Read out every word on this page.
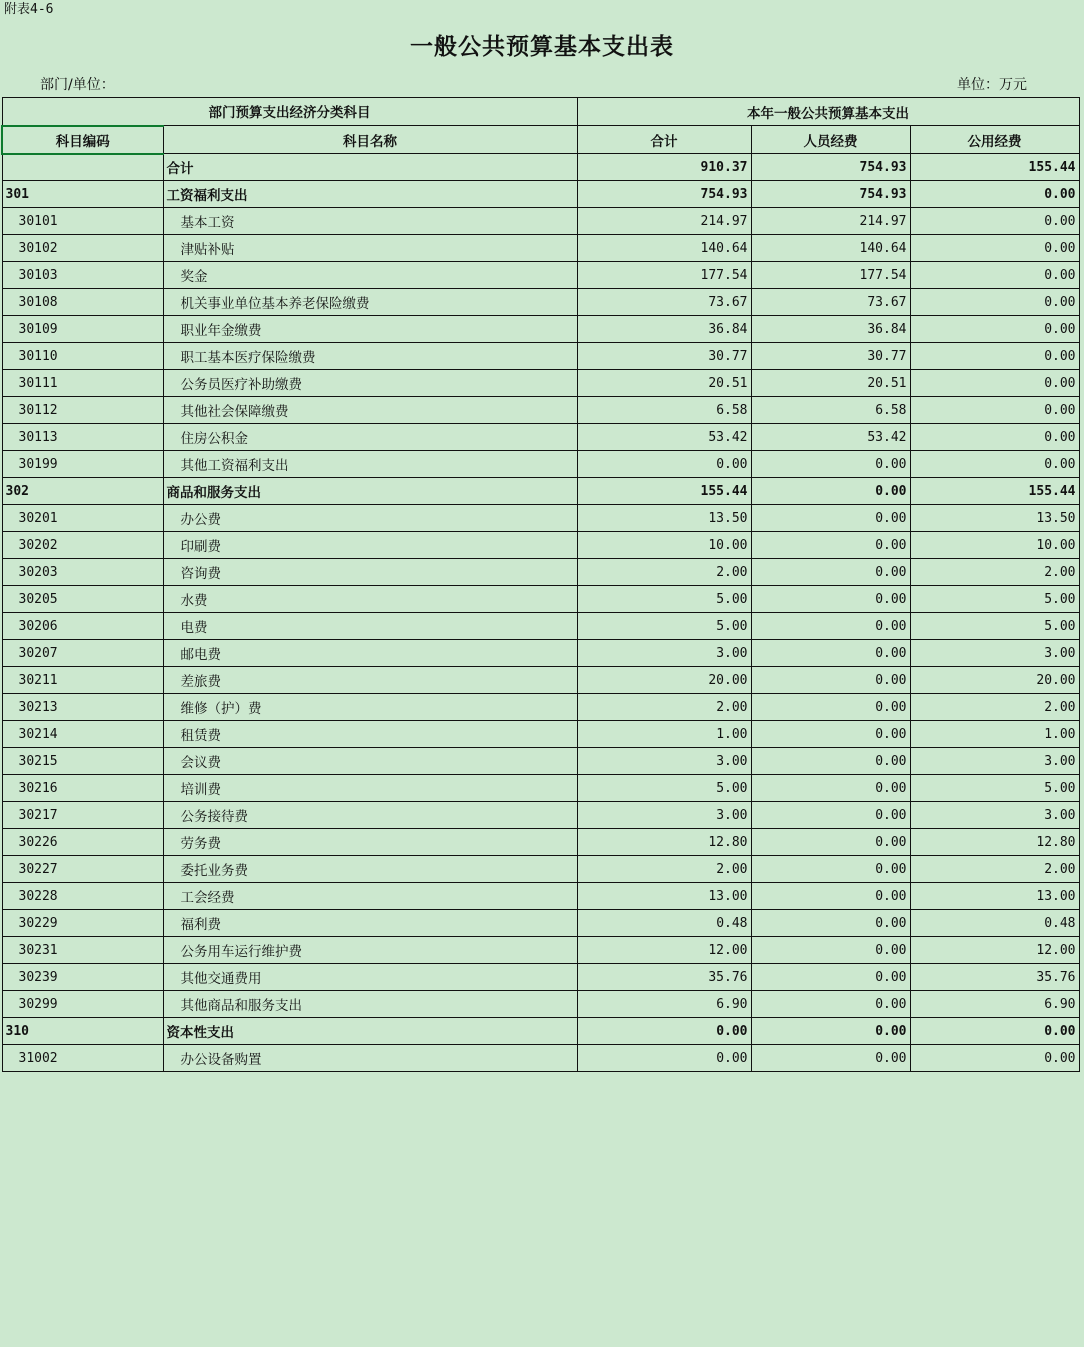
附表4-6
一般公共预算基本支出表
部门/单位：	单位：万元
部门预算支出经济分类科目		本年一般公共预算基本支出		
科目编码	科目名称	合计	人员经费	公用经费
	合计	910.37	754.93	155.44
301	工资福利支出	754.93	754.93	0.00
30101	基本工资	214.97	214.97	0.00
30102	津贴补贴	140.64	140.64	0.00
30103	奖金	177.54	177.54	0.00
30108	机关事业单位基本养老保险缴费	73.67	73.67	0.00
30109	职业年金缴费	36.84	36.84	0.00
30110	职工基本医疗保险缴费	30.77	30.77	0.00
30111	公务员医疗补助缴费	20.51	20.51	0.00
30112	其他社会保障缴费	6.58	6.58	0.00
30113	住房公积金	53.42	53.42	0.00
30199	其他工资福利支出	0.00	0.00	0.00
302	商品和服务支出	155.44	0.00	155.44
30201	办公费	13.50	0.00	13.50
30202	印刷费	10.00	0.00	10.00
30203	咨询费	2.00	0.00	2.00
30205	水费	5.00	0.00	5.00
30206	电费	5.00	0.00	5.00
30207	邮电费	3.00	0.00	3.00
30211	差旅费	20.00	0.00	20.00
30213	维修（护）费	2.00	0.00	2.00
30214	租赁费	1.00	0.00	1.00
30215	会议费	3.00	0.00	3.00
30216	培训费	5.00	0.00	5.00
30217	公务接待费	3.00	0.00	3.00
30226	劳务费	12.80	0.00	12.80
30227	委托业务费	2.00	0.00	2.00
30228	工会经费	13.00	0.00	13.00
30229	福利费	0.48	0.00	0.48
30231	公务用车运行维护费	12.00	0.00	12.00
30239	其他交通费用	35.76	0.00	35.76
30299	其他商品和服务支出	6.90	0.00	6.90
310	资本性支出	0.00	0.00	0.00
31002	办公设备购置	0.00	0.00	0.00
